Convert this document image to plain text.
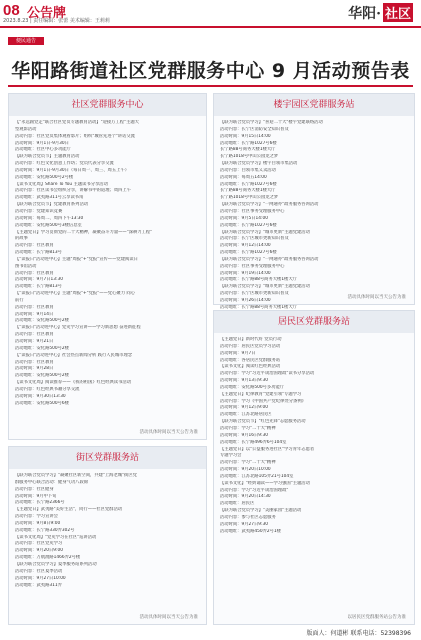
08 公告牌
2023.8.23 | 责任编辑：张蕾 美术编辑：王莉莉	华阳· 社区
便民通告
华阳路街道社区党群服务中心 9 月活动预告表
社区党群服务中心
【"永远跟党走"联合社区党员专题教育活动】"迎接万工程"主题大
型观影活动
活动内容：社区党员集体观看影片；组织"城管先进个"讲话交流
活动时间：9月1日-9月30日
活动地址：社区中心多功能厅
【联为联合党员节】主题教育活动
活动内容：红色文化创意工作坊；党员代表分享交流
活动时间：9月1日-9月30日（每日周一、周三、周五上午）
活动地址：安化路500号2号楼
【读书文化周】Share To You 主题读书分享活动
活动内容：社区读书会组织分享，讲解书中的道理；周四上午
活动地址：武夷路311号云享读书角
【联为联合党员节】党建教育系列活动
活动内容：党建知识竞赛
活动时间：每周二、周四下午13:30
活动地址：安化路500号3楼信息室
【主题党日】学习贯彻党的二十大精神，凝聚奋斗力量——"深耕力工程"
的故事
活动内容：社区教育
活动地址：长宁路813号
【"读报日"活动进中心】主题"周报"+"党报"宣传——党建阅读日
图书馆活动
活动内容：社区教育
活动时间：9月7日13:30
活动地址：长宁路813号
【"读报日"活动进中心】主题"周报"+"党报"——党心聚力 同心
前行
活动内容：社区教育
活动时间：9月14日
活动地址：安化路500号2楼
【"读报日"活动进中心】党史学习宣讲——学习新思想 奋进新征程
活动内容：社区教育
活动时间：9月21日
活动地址：安化路500号2楼
【"读报日"活动进中心】社会热点新闻分析 践行人民城市理念
活动内容：社区教育
活动时间：9月28日
活动地址：安化路500号2楼
【读书文化周】阅读推荐——《我的祖国》红色经典读书活动
活动内容：红色经典书籍分享交流
活动时间：9月30日13:30
活动地址：安化路500号6楼
活动具体时间以当天公告为准
楼宇园区党群服务站
【联为联合党员学习】"喜迎二十大"楼宇党建联络活动
活动内容：长宁区消防安全知识普及
活动时间：9月15日14:00
活动地址：长宁路1027号6楼
长宁路88号商务大楼1楼大厅
长宁路1018号中山公园龙之梦
【联为联合党员学习】楼宇白领市集活动
活动内容：白领市集义卖活动
活动时间：每周五14:00
活动地址：长宁路1027号6楼
长宁路88号商务大楼1楼大厅
长宁路1018号中山公园龙之梦
【联为联合党员学习】"一网通办"政务服务咨询活动
活动内容：社区事务受理服务中心
活动时间：9月5日14:00
活动地址：长宁路1027号6楼
【联为联合党员学习】"城市更新"主题党建活动
活动内容：长宁区城市更新知识普及
活动时间：9月12日14:00
活动地址：长宁路1027号6楼
【联为联合党员学习】"一网通办"政务服务咨询活动
活动内容：社区事务受理服务中心
活动时间：9月19日14:00
活动地址：长宁路88号商务大楼1楼大厅
【联为联合党员学习】"城市更新"主题党建活动
活动内容：长宁区城市更新知识普及
活动时间：9月26日14:00
活动地址：长宁路88号商务大楼1楼大厅
活动具体时间以当天公告为准
街区党群服务站
【联为联合党员学习】"凝聚社区新空间，共建"上海老城"街区党
群服务中心联合活动：健身气功八段锦
活动内容：社区健身
活动时间：9月中下旬
活动地址：长宁路2366号
【主题党日】武夷路"美好生活"，同行——社区党群活动
活动内容：学习宣讲会
活动时间：9月8日9:00
活动地址：长宁路330弄302号
【读书文化周】"党史学习在社区"巡讲活动
活动内容：社区党史学习
活动时间：9月20日9:00
活动地址：万航渡路1466弄2号楼
【联为联合党员学习】夏季服务站系列活动
活动内容：社区夏季活动
活动时间：9月27日10:00
活动地址：武夷路311弄
活动具体时间以当天公告为准
居民区党群服务站
【主题党日】新时代好 党员行动
活动内容：居民区党员学习活动
活动时间：9月7日
活动地址：各居民区党群服务站
【读书文化】阅读红色经典活动
活动内容：学习"习近平谈治国理政"读书分享活动
活动时间：9月13日9:30
活动地址：安化路500号多功能厅
【主题党日】纪律教育"党建引领"专题学习
活动内容：学习《中国共产党纪律处分条例》
活动时间：9月12日9:00
活动地址：江苏北路居民区
【联为联合党员节】"红色先锋"志愿服务活动
活动内容：学习"二十大"精神
活动时间：9月16日9:30
活动地址：长宁路496弄6号104室
【主题党日】以"公益服务进社区"学习青年志愿者
专题学习会
活动内容：学习"二十大"精神
活动时间：9月20日10:00
活动地址：江苏北路105弄21号104室
【读书文化】"经典诵读——学习强国"主题活动
活动内容：学习"习近平谈治国理政"
活动时间：9月20日14:30
活动地址：居民区
【联为联合党员学习】"美丽家园"主题活动
活动内容：参与社区志愿服务
活动时间：9月27日9:30
活动地址：武夷路450弄2号1楼
以居民区党群服务站公告为准
版面人：何道彬 联系电话：52398396
